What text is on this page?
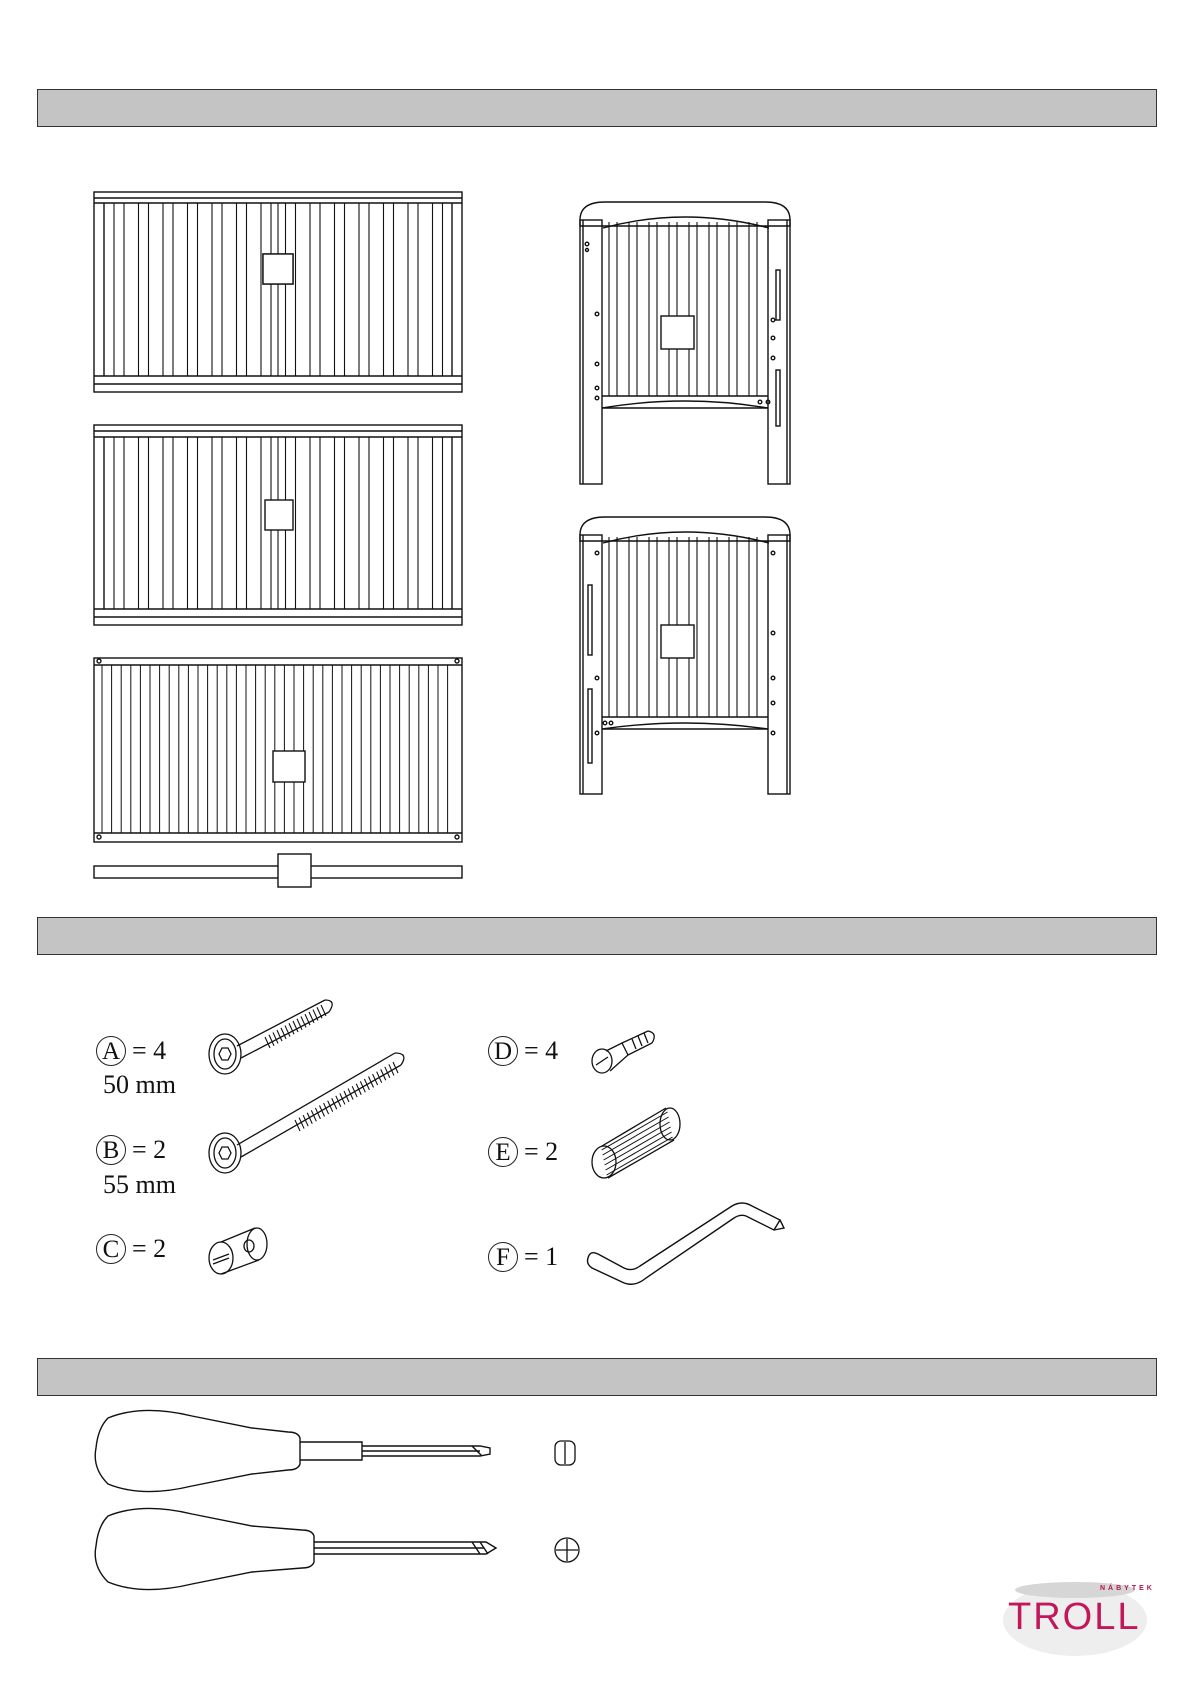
A = 4
50 mm
B = 2
55 mm
C = 2
D = 4
E = 2
F = 1
NÁBYTEK
TROLL
